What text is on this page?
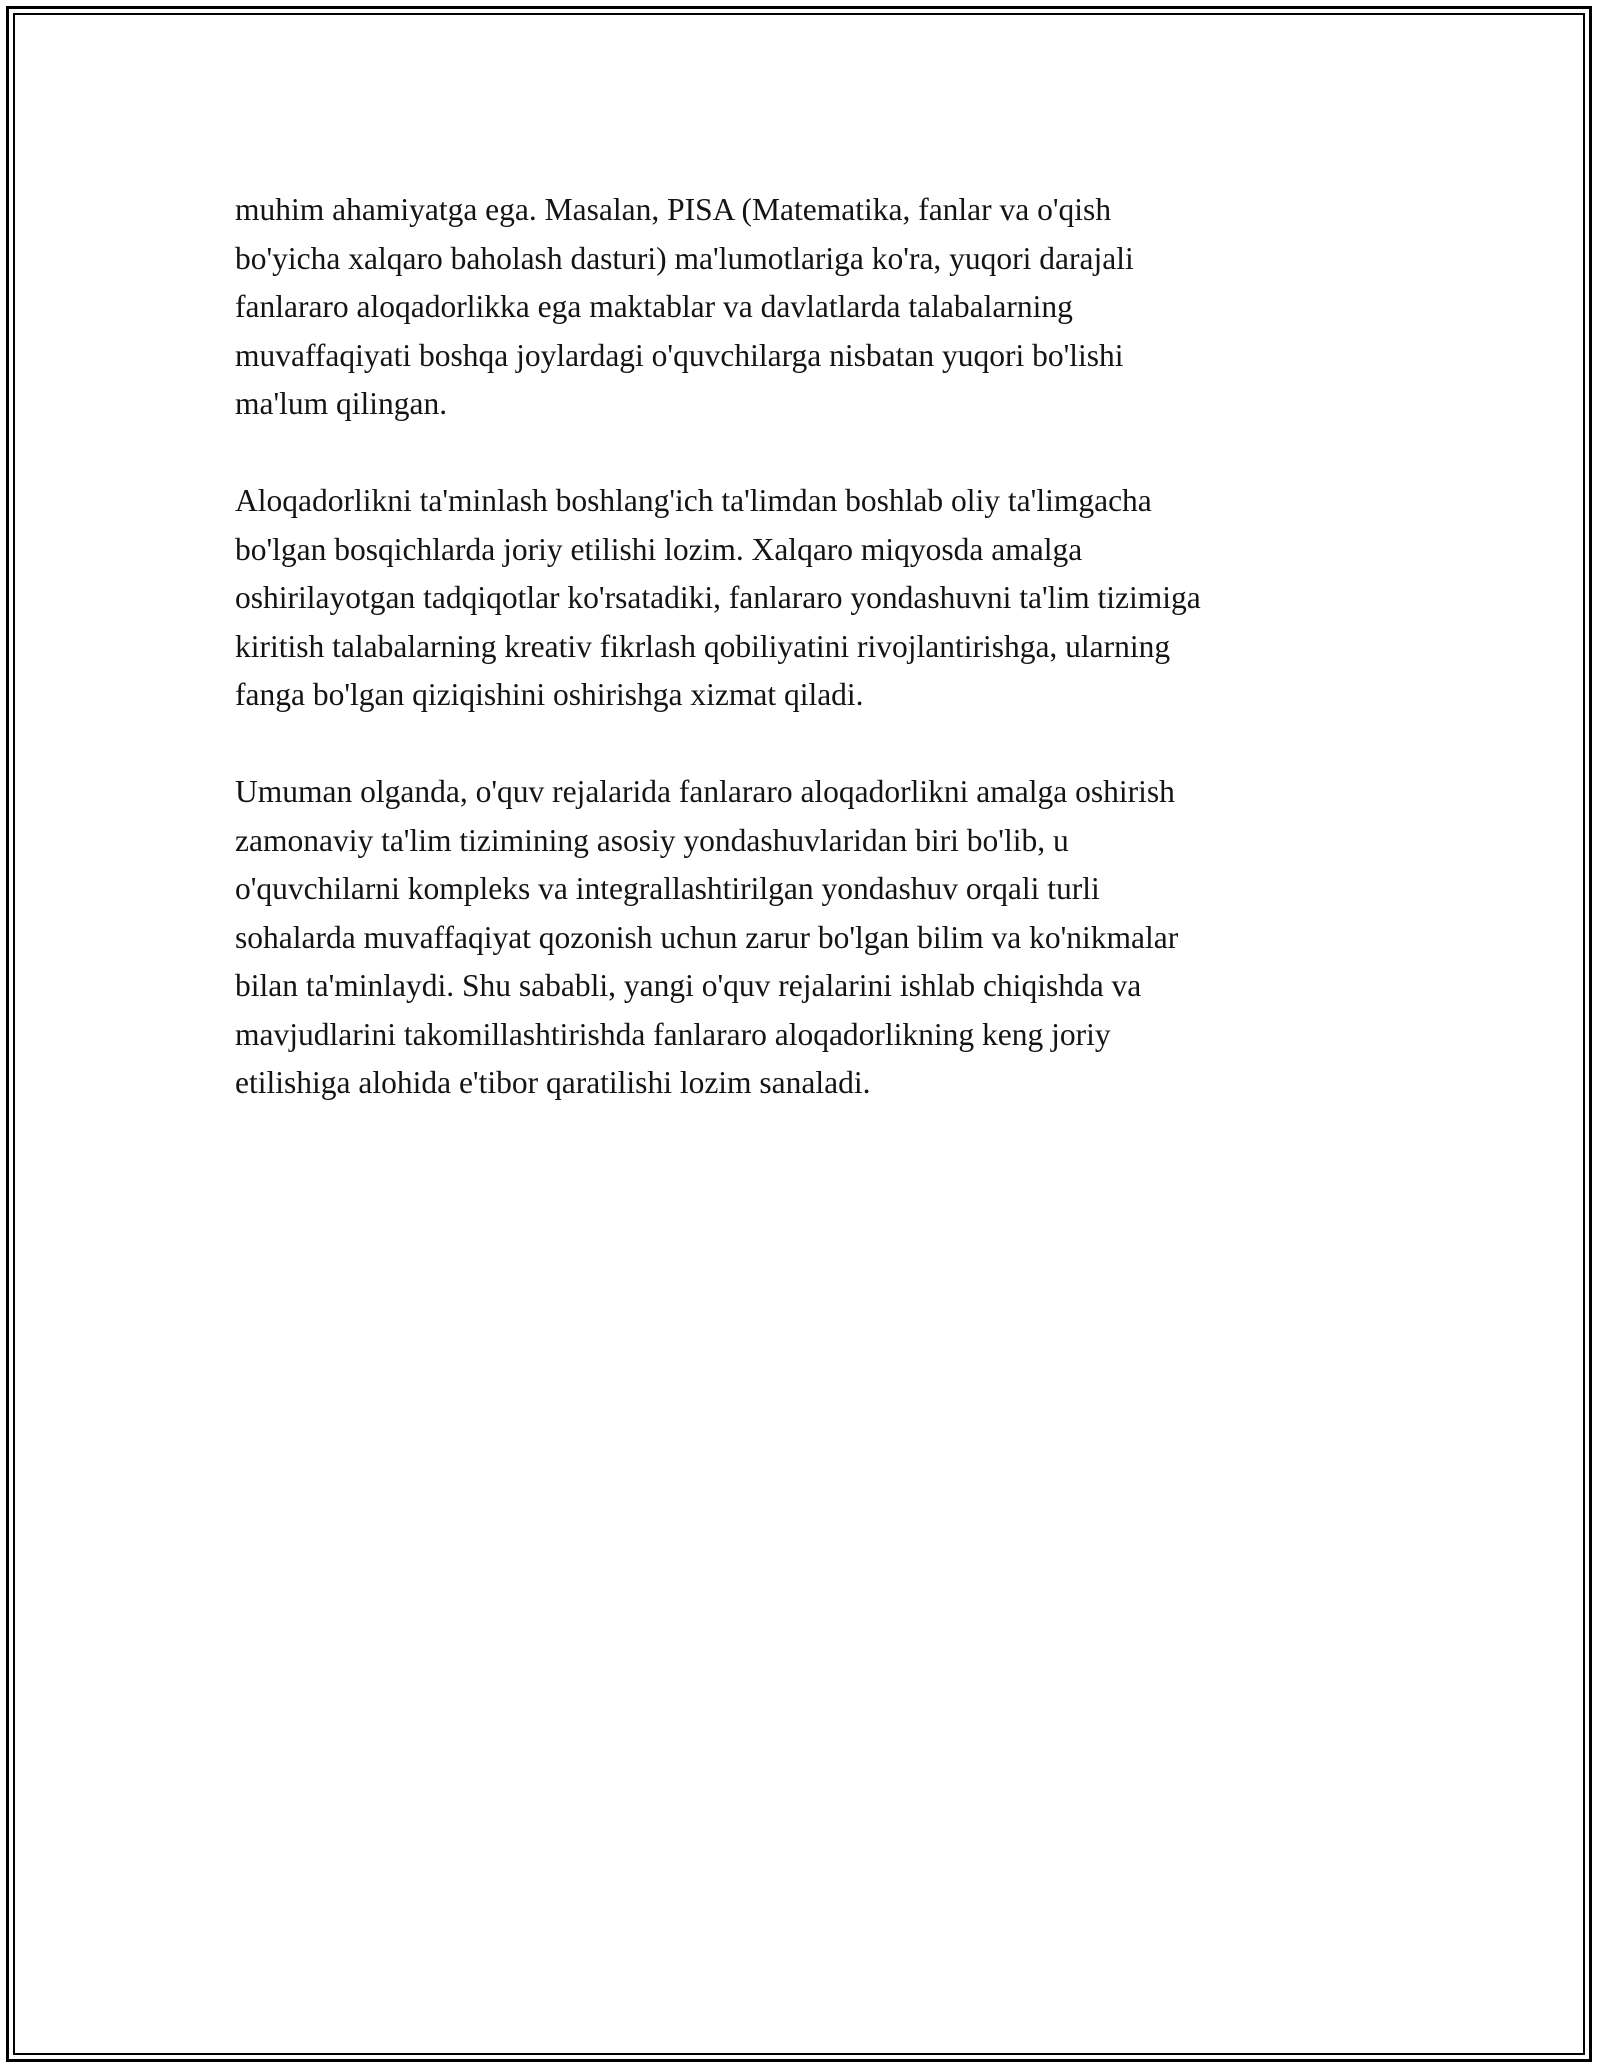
muhim ahamiyatga ega. Masalan, PISA (Matematika, fanlar va o'qish
bo'yicha xalqaro baholash dasturi) ma'lumotlariga ko'ra, yuqori darajali
fanlararo aloqadorlikka ega maktablar va davlatlarda talabalarning
muvaffaqiyati boshqa joylardagi o'quvchilarga nisbatan yuqori bo'lishi
ma'lum qilingan.

Aloqadorlikni ta'minlash boshlang'ich ta'limdan boshlab oliy ta'limgacha
bo'lgan bosqichlarda joriy etilishi lozim. Xalqaro miqyosda amalga
oshirilayotgan tadqiqotlar ko'rsatadiki, fanlararo yondashuvni ta'lim tizimiga
kiritish talabalarning kreativ fikrlash qobiliyatini rivojlantirishga, ularning
fanga bo'lgan qiziqishini oshirishga xizmat qiladi.

Umuman olganda, o'quv rejalarida fanlararo aloqadorlikni amalga oshirish
zamonaviy ta'lim tizimining asosiy yondashuvlaridan biri bo'lib, u
o'quvchilarni kompleks va integrallashtirilgan yondashuv orqali turli
sohalarda muvaffaqiyat qozonish uchun zarur bo'lgan bilim va ko'nikmalar
bilan ta'minlaydi. Shu sababli, yangi o'quv rejalarini ishlab chiqishda va
mavjudlarini takomillashtirishda fanlararo aloqadorlikning keng joriy
etilishiga alohida e'tibor qaratilishi lozim sanaladi.
